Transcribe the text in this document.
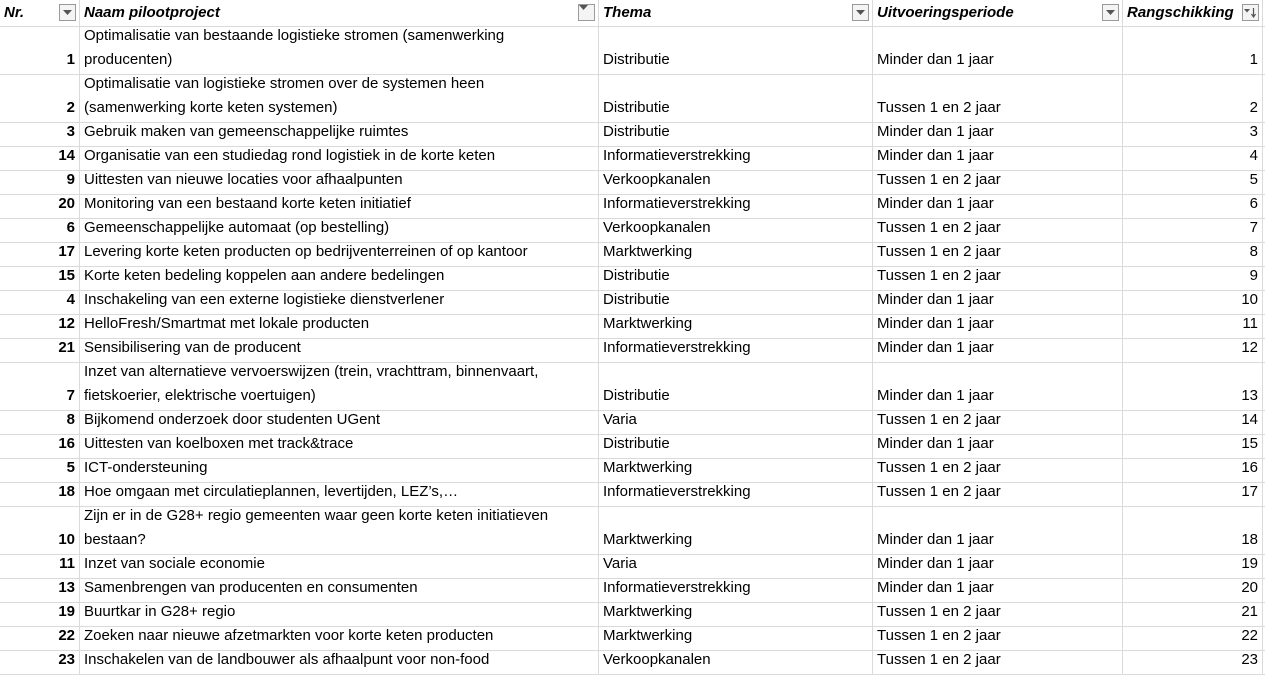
Nr.	Naam pilootproject	Thema	Uitvoeringsperiode	Rangschikking
1
Optimalisatie van bestaande logistieke stromen (samenwerking
producenten)	Distributie	Minder dan 1 jaar	1
2
Optimalisatie van logistieke stromen over de systemen heen
(samenwerking korte keten systemen)	Distributie	Tussen 1 en 2 jaar	2
3 Gebruik maken van gemeenschappelijke ruimtes	Distributie	Minder dan 1 jaar	3
14 Organisatie van een studiedag rond logistiek in de korte keten	Informatieverstrekking	Minder dan 1 jaar	4
9 Uittesten van nieuwe locaties voor afhaalpunten	Verkoopkanalen	Tussen 1 en 2 jaar	5
20 Monitoring van een bestaand korte keten initiatief	Informatieverstrekking	Minder dan 1 jaar	6
6 Gemeenschappelijke automaat (op bestelling)	Verkoopkanalen	Tussen 1 en 2 jaar	7
17 Levering korte keten producten op bedrijventerreinen of op kantoor	Marktwerking	Tussen 1 en 2 jaar	8
15 Korte keten bedeling koppelen aan andere bedelingen	Distributie	Tussen 1 en 2 jaar	9
4 Inschakeling van een externe logistieke dienstverlener	Distributie	Minder dan 1 jaar	10
12 HelloFresh/Smartmat met lokale producten	Marktwerking	Minder dan 1 jaar	11
21 Sensibilisering van de producent	Informatieverstrekking	Minder dan 1 jaar	12
7
Inzet van alternatieve vervoerswijzen (trein, vrachttram, binnenvaart,
fietskoerier, elektrische voertuigen)	Distributie	Minder dan 1 jaar	13
8 Bijkomend onderzoek door studenten UGent	Varia	Tussen 1 en 2 jaar	14
16 Uittesten van koelboxen met track&trace	Distributie	Minder dan 1 jaar	15
5 ICT-ondersteuning	Marktwerking	Tussen 1 en 2 jaar	16
18 Hoe omgaan met circulatieplannen, levertijden, LEZ’s,…	Informatieverstrekking	Tussen 1 en 2 jaar	17
10
Zijn er in de G28+ regio gemeenten waar geen korte keten initiatieven
bestaan?	Marktwerking	Minder dan 1 jaar	18
11 Inzet van sociale economie	Varia	Minder dan 1 jaar	19
13 Samenbrengen van producenten en consumenten	Informatieverstrekking	Minder dan 1 jaar	20
19 Buurtkar in G28+ regio	Marktwerking	Tussen 1 en 2 jaar	21
22 Zoeken naar nieuwe afzetmarkten voor korte keten producten	Marktwerking	Tussen 1 en 2 jaar	22
23 Inschakelen van de landbouwer als afhaalpunt voor non-food	Verkoopkanalen	Tussen 1 en 2 jaar	23
